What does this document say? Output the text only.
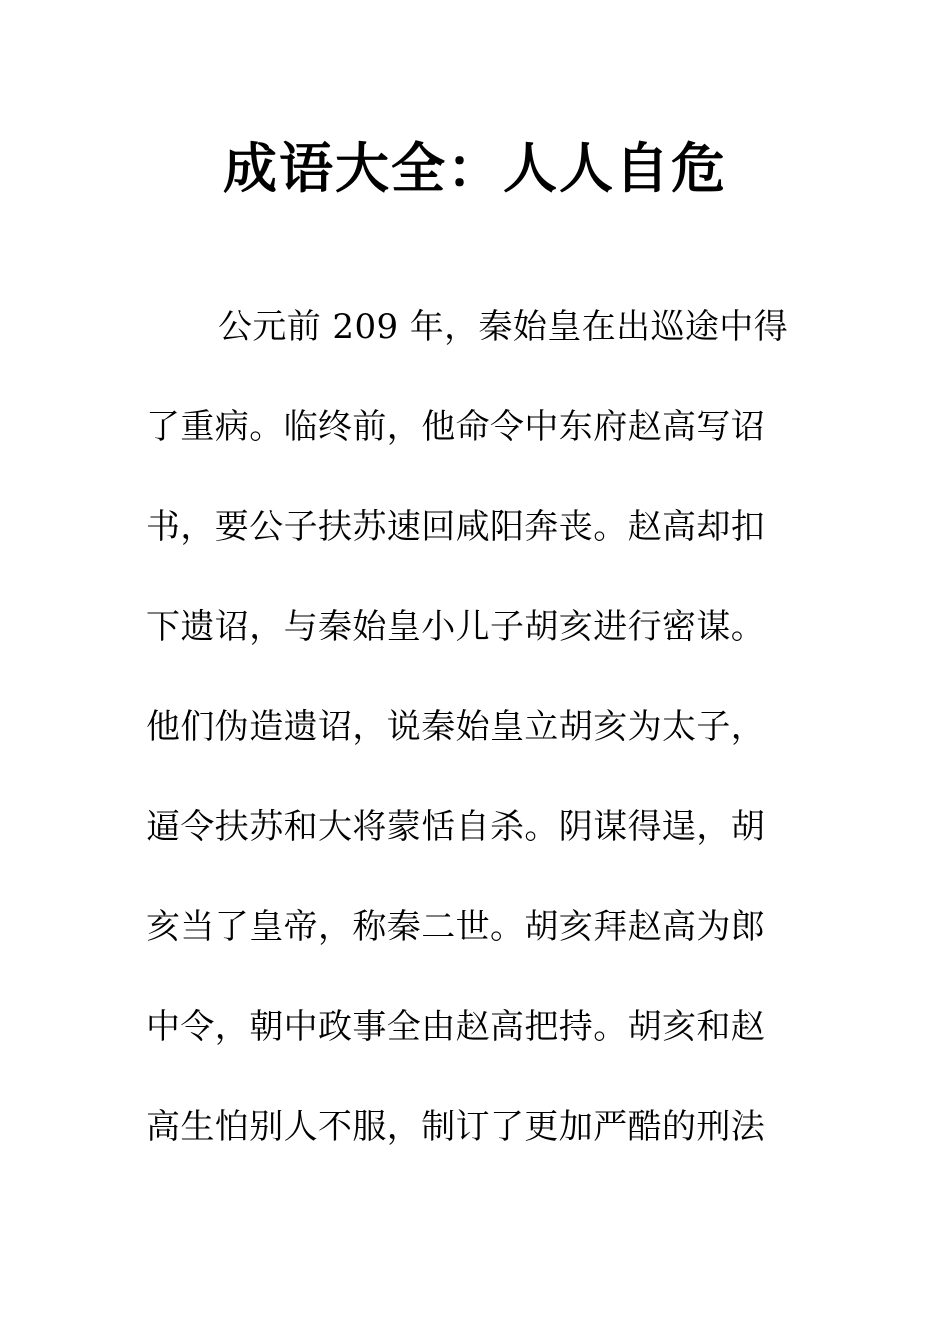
成语大全：人人自危
公元前 209 年，秦始皇在出巡途中得
了重病。临终前，他命令中东府赵高写诏
书，要公子扶苏速回咸阳奔丧。赵高却扣
下遗诏，与秦始皇小儿子胡亥进行密谋。
他们伪造遗诏，说秦始皇立胡亥为太子，
逼令扶苏和大将蒙恬自杀。阴谋得逞，胡
亥当了皇帝，称秦二世。胡亥拜赵高为郎
中令，朝中政事全由赵高把持。胡亥和赵
高生怕别人不服，制订了更加严酷的刑法
